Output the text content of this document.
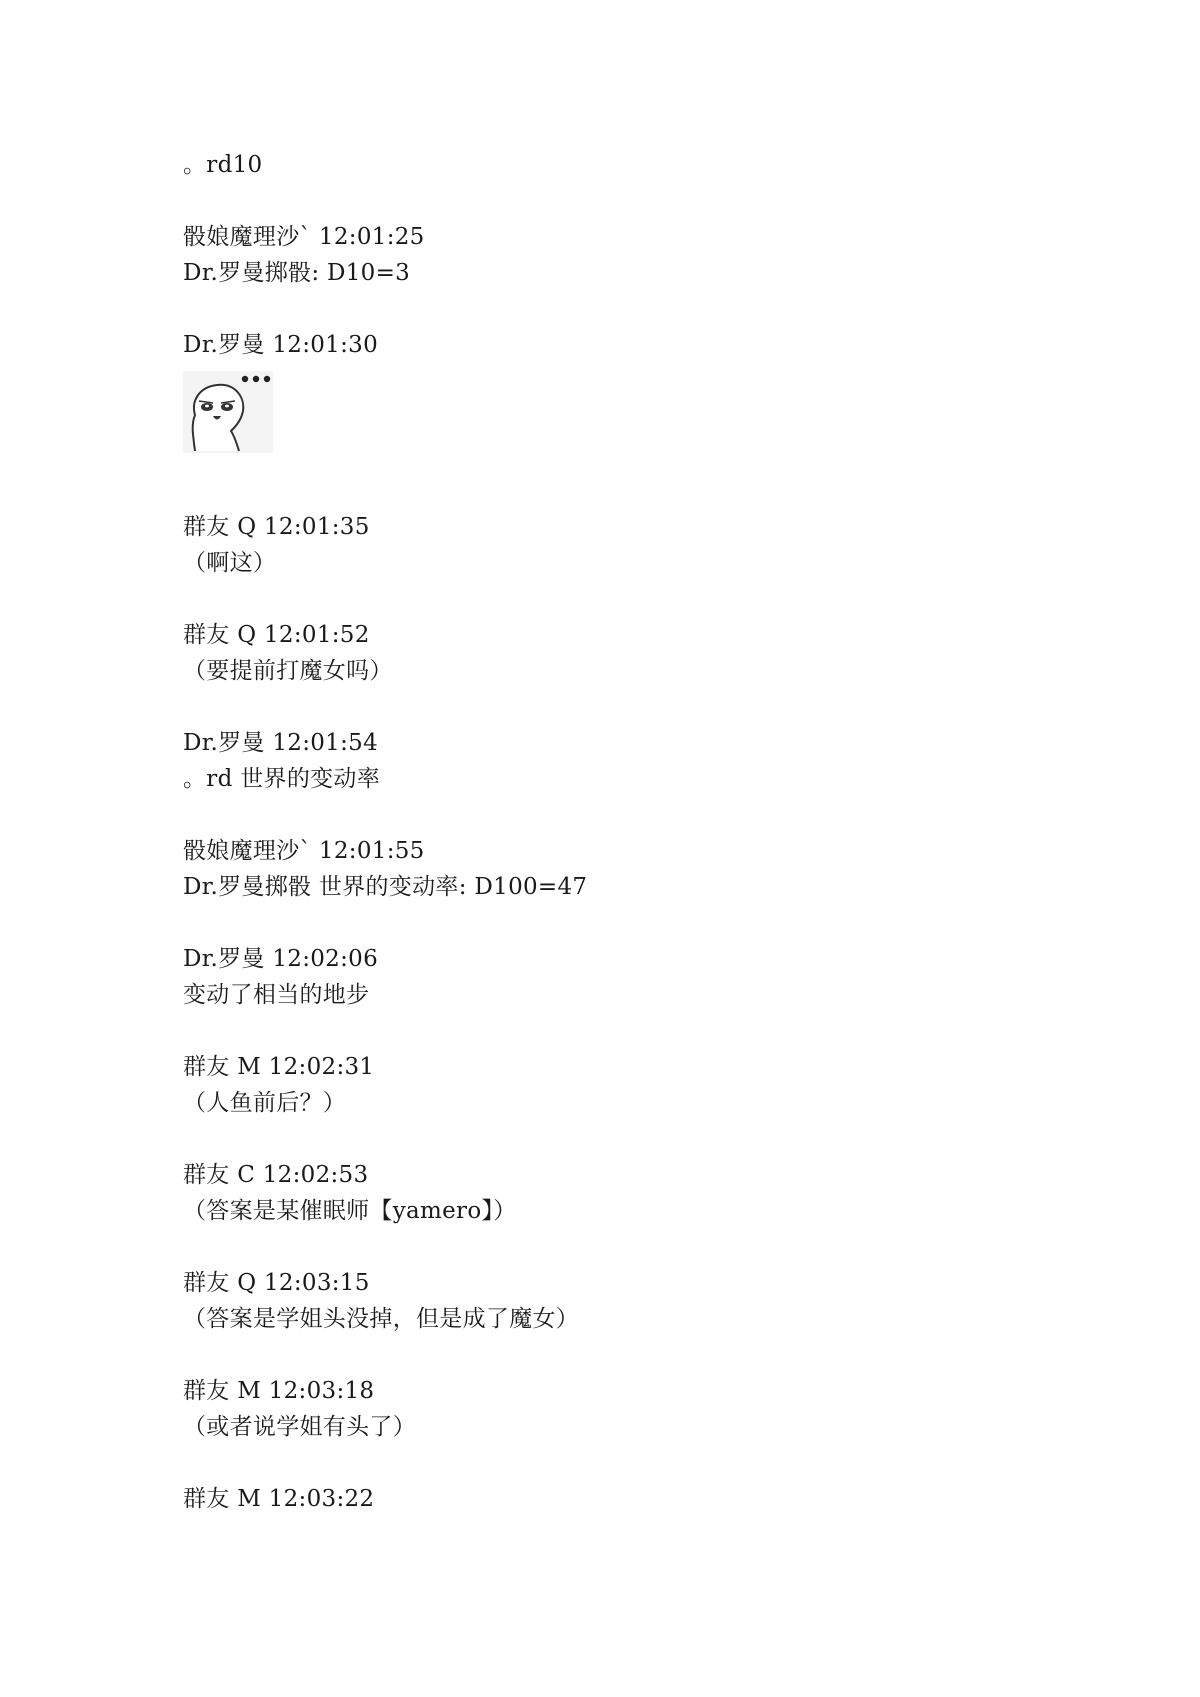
。rd10
骰娘魔理沙` 12:01:25
Dr.罗曼掷骰: D10=3
Dr.罗曼 12:01:30
群友 Q 12:01:35
（啊这）
群友 Q 12:01:52
（要提前打魔女吗）
Dr.罗曼 12:01:54
。rd 世界的变动率
骰娘魔理沙` 12:01:55
Dr.罗曼掷骰 世界的变动率: D100=47
Dr.罗曼 12:02:06
变动了相当的地步
群友 M 12:02:31
（人鱼前后？）
群友 C 12:02:53
（答案是某催眠师【yamero】）
群友 Q 12:03:15
（答案是学姐头没掉，但是成了魔女）
群友 M 12:03:18
（或者说学姐有头了）
群友 M 12:03:22
